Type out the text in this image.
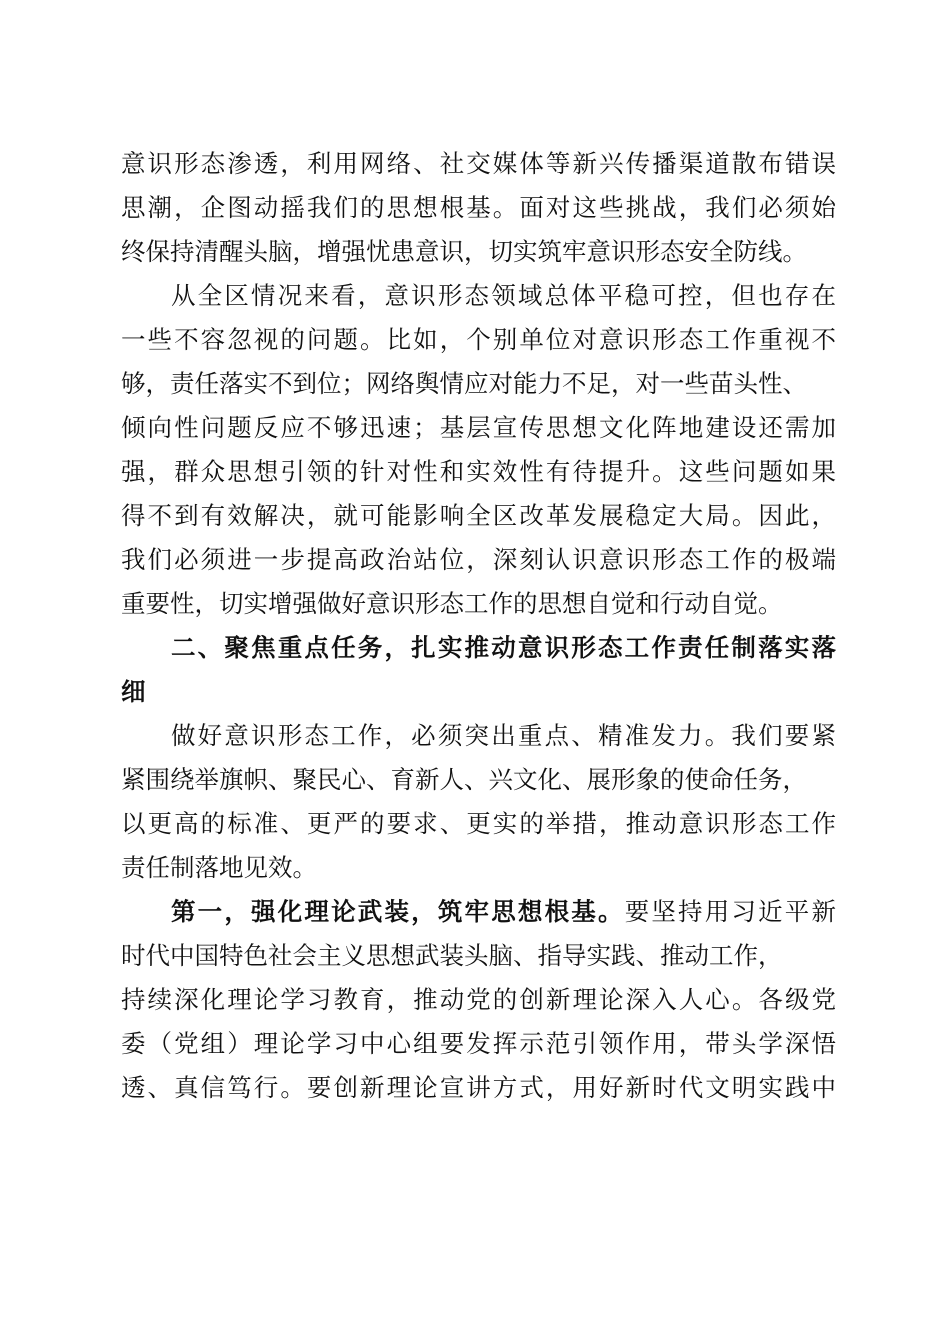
意识形态渗透，利用网络、社交媒体等新兴传播渠道散布错误
思潮，企图动摇我们的思想根基。面对这些挑战，我们必须始
终保持清醒头脑，增强忧患意识，切实筑牢意识形态安全防线。
从全区情况来看，意识形态领域总体平稳可控，但也存在
一些不容忽视的问题。比如，个别单位对意识形态工作重视不
够，责任落实不到位；网络舆情应对能力不足，对一些苗头性、
倾向性问题反应不够迅速；基层宣传思想文化阵地建设还需加
强，群众思想引领的针对性和实效性有待提升。这些问题如果
得不到有效解决，就可能影响全区改革发展稳定大局。因此，
我们必须进一步提高政治站位，深刻认识意识形态工作的极端
重要性，切实增强做好意识形态工作的思想自觉和行动自觉。
二、聚焦重点任务，扎实推动意识形态工作责任制落实落
细
做好意识形态工作，必须突出重点、精准发力。我们要紧
紧围绕举旗帜、聚民心、育新人、兴文化、展形象的使命任务，
以更高的标准、更严的要求、更实的举措，推动意识形态工作
责任制落地见效。
第一，强化理论武装，筑牢思想根基。要坚持用习近平新
时代中国特色社会主义思想武装头脑、指导实践、推动工作，
持续深化理论学习教育，推动党的创新理论深入人心。各级党
委（党组）理论学习中心组要发挥示范引领作用，带头学深悟
透、真信笃行。要创新理论宣讲方式，用好新时代文明实践中
